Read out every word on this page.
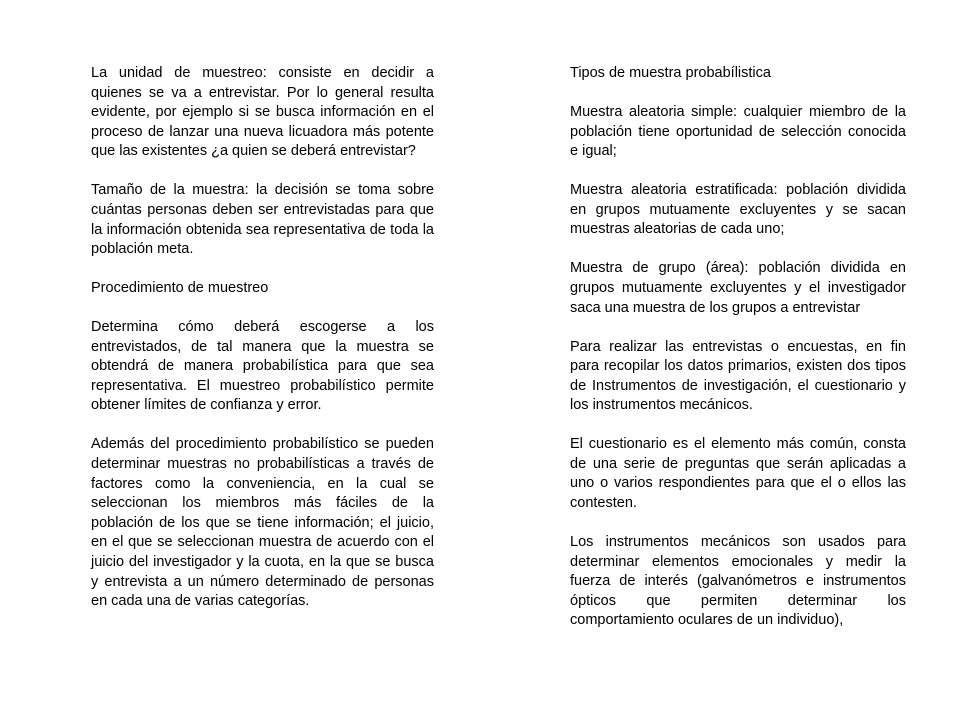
La unidad de muestreo: consiste en decidir a quienes se va a entrevistar. Por lo general resulta evidente, por ejemplo si se busca información en el proceso de lanzar una nueva licuadora más potente que las existentes ¿a quien se deberá entrevistar?

Tamaño de la muestra: la decisión se toma sobre cuántas personas deben ser entrevistadas para que la información obtenida sea representativa de toda la población meta.

Procedimiento de muestreo

Determina cómo deberá escogerse a los entrevistados, de tal manera que la muestra se obtendrá de manera probabilística para que sea representativa. El muestreo probabilístico permite obtener límites de confianza y error.

Además del procedimiento probabilístico se pueden determinar muestras no probabilísticas a través de factores como la conveniencia, en la cual se seleccionan los miembros más fáciles de la población de los que se tiene información; el juicio, en el que se seleccionan muestra de acuerdo con el juicio del investigador y la cuota, en la que se busca y entrevista a un número determinado de personas en cada una de varias categorías.

Tipos de muestra probabílistica

Muestra aleatoria simple: cualquier miembro de la población tiene oportunidad de selección conocida e igual;

Muestra aleatoria estratificada: población dividida en grupos mutuamente excluyentes y se sacan muestras aleatorias de cada uno;

Muestra de grupo (área): población dividida en grupos mutuamente excluyentes y el investigador saca una muestra de los grupos a entrevistar

Para realizar las entrevistas o encuestas, en fin para recopilar los datos primarios, existen dos tipos de Instrumentos de investigación, el cuestionario y los instrumentos mecánicos.

El cuestionario es el elemento más común, consta de una serie de preguntas que serán aplicadas a uno o varios respondientes para que el o ellos las contesten.

Los instrumentos mecánicos son usados para determinar elementos emocionales y medir la fuerza de interés (galvanómetros e instrumentos ópticos que permiten determinar los comportamiento oculares de un individuo),
